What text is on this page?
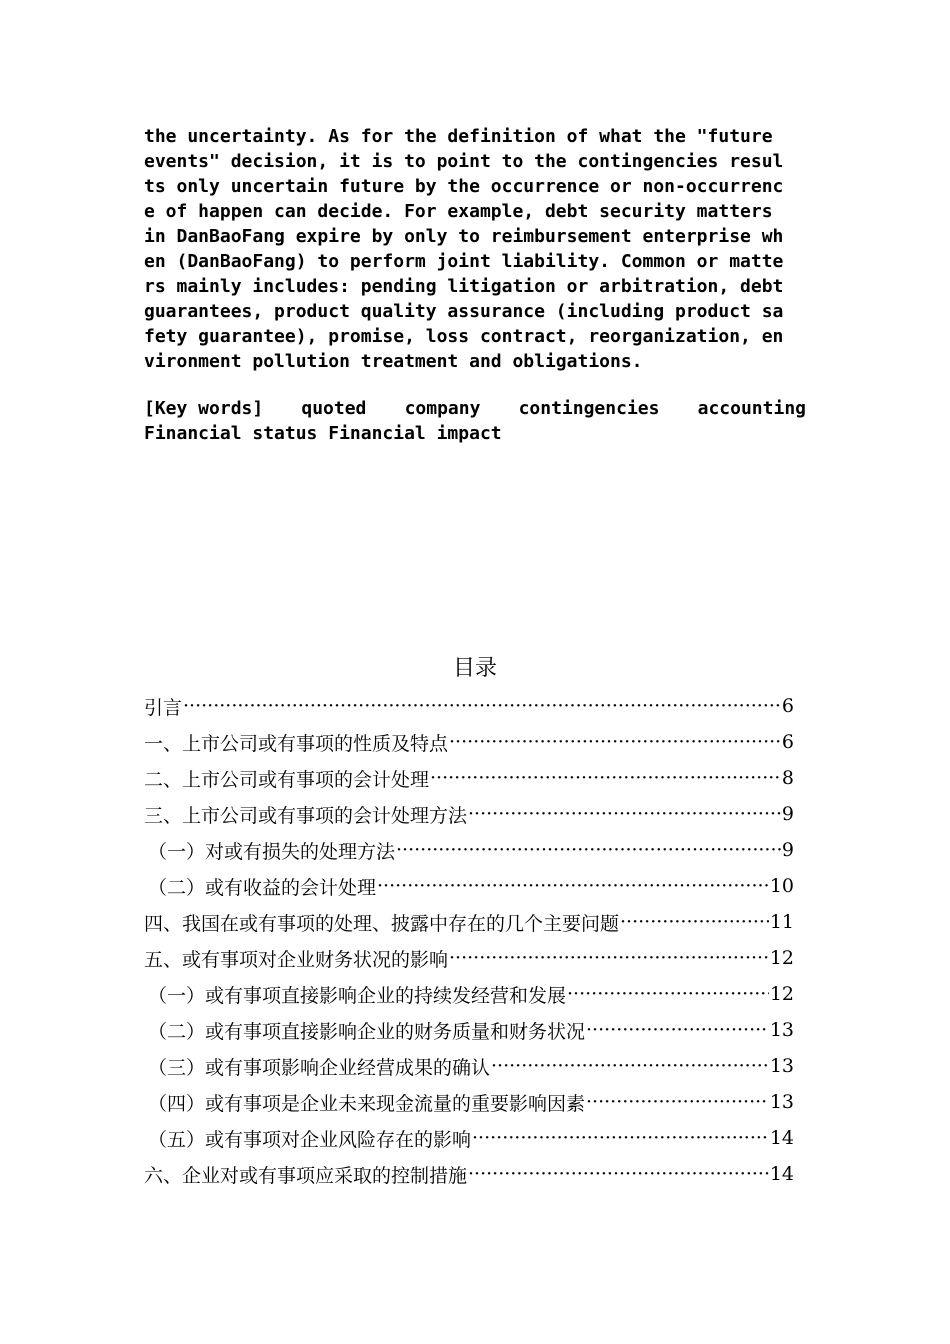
the uncertainty. As for the definition of what the "future
events" decision, it is to point to the contingencies resul
ts only uncertain future by the occurrence or non-occurrenc
e of happen can decide. For example, debt security matters
in DanBaoFang expire by only to reimbursement enterprise wh
en (DanBaoFang) to perform joint liability. Common or matte
rs mainly includes: pending litigation or arbitration, debt
guarantees, product quality assurance (including product sa
fety guarantee), promise, loss contract, reorganization, en
vironment pollution treatment and obligations.
[Key words] quoted company contingencies accounting
Financial status Financial impact
目录
引言 ·····	6
一、上市公司或有事项的性质及特点 ·····	6
二、上市公司或有事项的会计处理 ·····	8
三、上市公司或有事项的会计处理方法 ·····	9
（一）对或有损失的处理方法 ·····	9
（二）或有收益的会计处理 ·····	10
四、我国在或有事项的处理、披露中存在的几个主要问题 ·····	11
五、或有事项对企业财务状况的影响 ·····	12
（一）或有事项直接影响企业的持续发经营和发展 ·····	12
（二）或有事项直接影响企业的财务质量和财务状况 ·····	13
（三）或有事项影响企业经营成果的确认 ·····	13
（四）或有事项是企业未来现金流量的重要影响因素 ·····	13
（五）或有事项对企业风险存在的影响 ·····	14
六、企业对或有事项应采取的控制措施 ·····	14
